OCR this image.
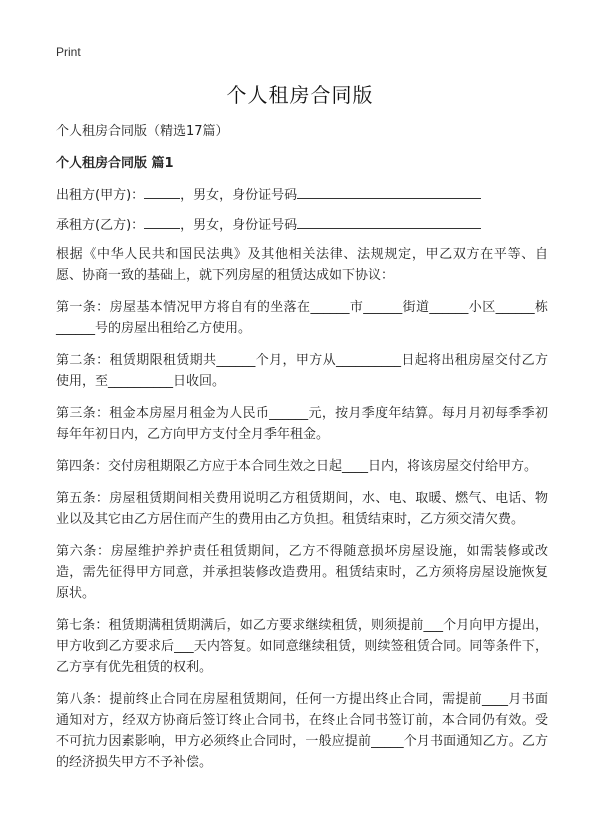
Print
个人租房合同版
个人租房合同版（精选17篇）
个人租房合同版 篇1
出租方(甲方)：	，男女，身份证号码
承租方(乙方)：	，男女，身份证号码

根据《中华人民共和国民法典》及其他相关法律、法规规定，甲乙双方在平等、自愿、协商一致的基础上，就下列房屋的租赁达成如下协议：

第一条：房屋基本情况甲方将自有的坐落在______市______街道______小区______栋______号的房屋出租给乙方使用。

第二条：租赁期限租赁期共______个月，甲方从__________日起将出租房屋交付乙方使用，至__________日收回。

第三条：租金本房屋月租金为人民币______元，按月季度年结算。每月月初每季季初每年年初日内，乙方向甲方支付全月季年租金。

第四条：交付房租期限乙方应于本合同生效之日起____日内，将该房屋交付给甲方。

第五条：房屋租赁期间相关费用说明乙方租赁期间，水、电、取暖、燃气、电话、物业以及其它由乙方居住而产生的费用由乙方负担。租赁结束时，乙方须交清欠费。

第六条：房屋维护养护责任租赁期间，乙方不得随意损坏房屋设施，如需装修或改造，需先征得甲方同意，并承担装修改造费用。租赁结束时，乙方须将房屋设施恢复原状。

第七条：租赁期满租赁期满后，如乙方要求继续租赁，则须提前___个月向甲方提出，甲方收到乙方要求后___天内答复。如同意继续租赁，则续签租赁合同。同等条件下，乙方享有优先租赁的权利。

第八条：提前终止合同在房屋租赁期间，任何一方提出终止合同，需提前____月书面通知对方，经双方协商后签订终止合同书，在终止合同书签订前，本合同仍有效。受不可抗力因素影响，甲方必须终止合同时，一般应提前_____个月书面通知乙方。乙方的经济损失甲方不予补偿。
